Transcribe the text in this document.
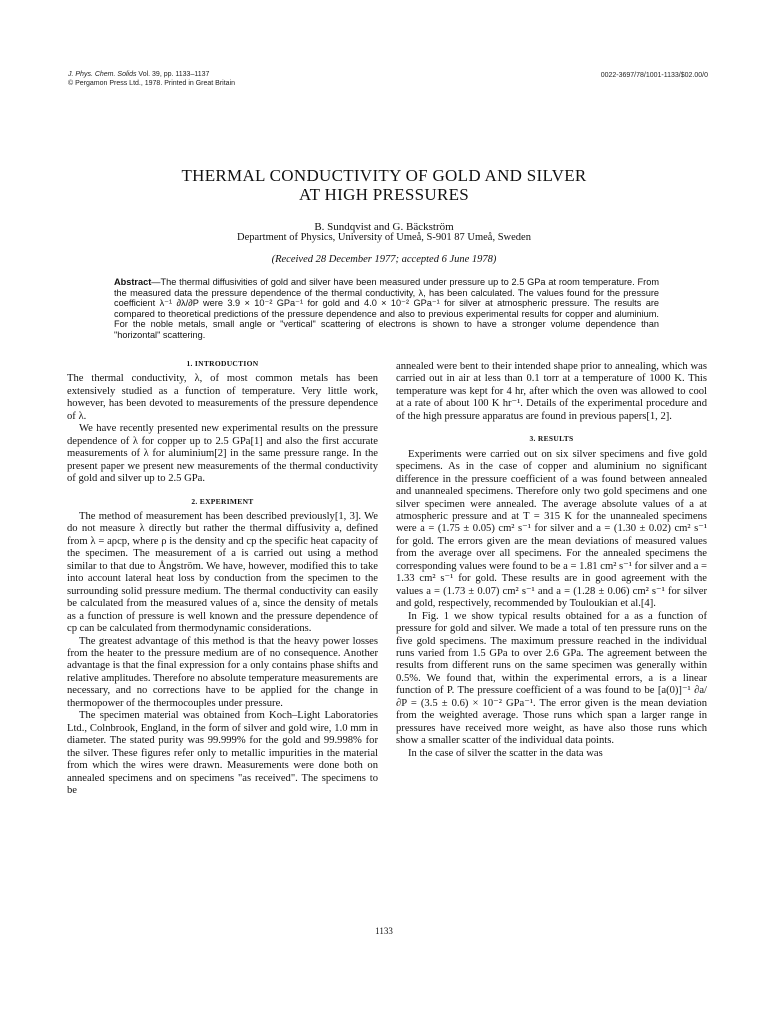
J. Phys. Chem. Solids Vol. 39, pp. 1133–1137
© Pergamon Press Ltd., 1978. Printed in Great Britain
0022-3697/78/1001-1133/$02.00/0
THERMAL CONDUCTIVITY OF GOLD AND SILVER
AT HIGH PRESSURES
B. Sundqvist and G. Bäckström
Department of Physics, University of Umeå, S-901 87 Umeå, Sweden
(Received 28 December 1977; accepted 6 June 1978)
Abstract—The thermal diffusivities of gold and silver have been measured under pressure up to 2.5 GPa at room temperature. From the measured data the pressure dependence of the thermal conductivity, λ, has been calculated. The values found for the pressure coefficient λ⁻¹ ∂λ/∂P were 3.9 × 10⁻² GPa⁻¹ for gold and 4.0 × 10⁻² GPa⁻¹ for silver at atmospheric pressure. The results are compared to theoretical predictions of the pressure dependence and also to previous experimental results for copper and aluminium. For the noble metals, small angle or "vertical" scattering of electrons is shown to have a stronger volume dependence than "horizontal" scattering.
1. INTRODUCTION

The thermal conductivity, λ, of most common metals has been extensively studied as a function of temperature. Very little work, however, has been devoted to measurements of the pressure dependence of λ.

We have recently presented new experimental results on the pressure dependence of λ for copper up to 2.5 GPa[1] and also the first accurate measurements of λ for aluminium[2] in the same pressure range. In the present paper we present new measurements of the thermal conductivity of gold and silver up to 2.5 GPa.

2. EXPERIMENT

The method of measurement has been described previously[1, 3]. We do not measure λ directly but rather the thermal diffusivity a, defined from λ = aρcp, where ρ is the density and cp the specific heat capacity of the specimen. The measurement of a is carried out using a method similar to that due to Ångström. We have, however, modified this to take into account lateral heat loss by conduction from the specimen to the surrounding solid pressure medium. The thermal conductivity can easily be calculated from the measured values of a, since the density of metals as a function of pressure is well known and the pressure dependence of cp can be calculated from thermodynamic considerations.

The greatest advantage of this method is that the heavy power losses from the heater to the pressure medium are of no consequence. Another advantage is that the final expression for a only contains phase shifts and relative amplitudes. Therefore no absolute temperature measurements are necessary, and no corrections have to be applied for the change in thermopower of the thermocouples under pressure.

The specimen material was obtained from Koch–Light Laboratories Ltd., Colnbrook, England, in the form of silver and gold wire, 1.0 mm in diameter. The stated purity was 99.999% for the gold and 99.998% for the silver. These figures refer only to metallic impurities in the material from which the wires were drawn. Measurements were done both on annealed specimens and on specimens "as received". The specimens to be

annealed were bent to their intended shape prior to annealing, which was carried out in air at less than 0.1 torr at a temperature of 1000 K. This temperature was kept for 4 hr, after which the oven was allowed to cool at a rate of about 100 K hr⁻¹. Details of the experimental procedure and of the high pressure apparatus are found in previous papers[1, 2].

3. RESULTS

Experiments were carried out on six silver specimens and five gold specimens. As in the case of copper and aluminium no significant difference in the pressure coefficient of a was found between annealed and unannealed specimens. Therefore only two gold specimens and one silver specimen were annealed. The average absolute values of a at atmospheric pressure and at T = 315 K for the unannealed specimens were a = (1.75 ± 0.05) cm² s⁻¹ for silver and a = (1.30 ± 0.02) cm² s⁻¹ for gold. The errors given are the mean deviations of measured values from the average over all specimens. For the annealed specimens the corresponding values were found to be a = 1.81 cm² s⁻¹ for silver and a = 1.33 cm² s⁻¹ for gold. These results are in good agreement with the values a = (1.73 ± 0.07) cm² s⁻¹ and a = (1.28 ± 0.06) cm² s⁻¹ for silver and gold, respectively, recommended by Touloukian et al.[4].

In Fig. 1 we show typical results obtained for a as a function of pressure for gold and silver. We made a total of ten pressure runs on the five gold specimens. The maximum pressure reached in the individual runs varied from 1.5 GPa to over 2.6 GPa. The agreement between the results from different runs on the same specimen was generally within 0.5%. We found that, within the experimental errors, a is a linear function of P. The pressure coefficient of a was found to be [a(0)]⁻¹ ∂a/∂P = (3.5 ± 0.6) × 10⁻² GPa⁻¹. The error given is the mean deviation from the weighted average. Those runs which span a larger range in pressures have received more weight, as have also those runs which show a smaller scatter of the individual data points.

In the case of silver the scatter in the data was

1133
